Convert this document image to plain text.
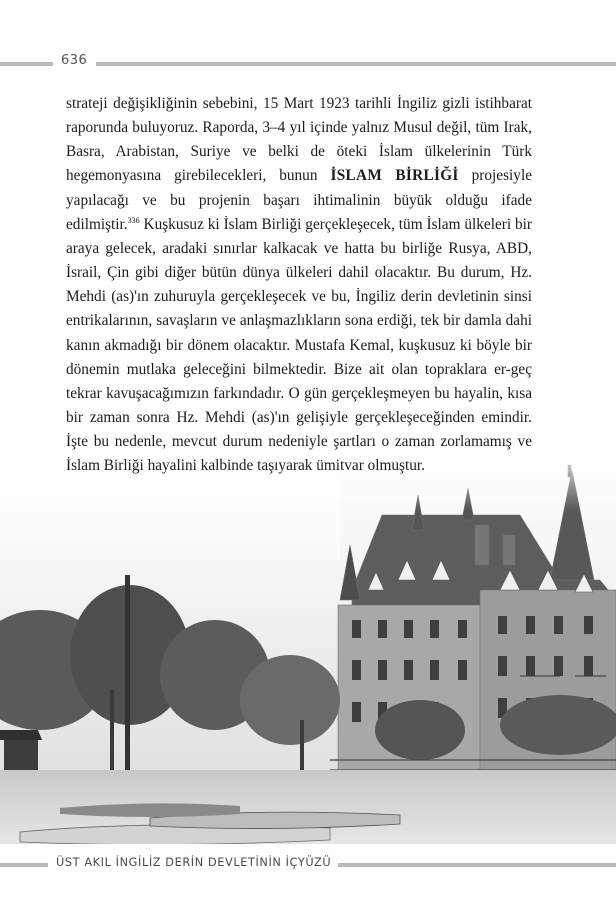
636

strateji değişikliğinin sebebini, 15 Mart 1923 tarihli İngiliz gizli istihbarat raporunda buluyoruz. Raporda, 3–4 yıl içinde yalnız Musul değil, tüm Irak, Basra, Arabistan, Suriye ve belki de öteki İslam ülkelerinin Türk hegemonyasına girebilecekleri, bunun İSLAM BİRLİĞİ projesiyle yapılacağı ve bu projenin başarı ihtimalinin büyük olduğu ifade edilmiştir.$^{336}$ Kuşkusuz ki İslam Birliği gerçekleşecek, tüm İslam ülkeleri bir araya gelecek, aradaki sınırlar kalkacak ve hatta bu birliğe Rusya, ABD, İsrail, Çin gibi diğer bütün dünya ülkeleri dahil olacaktır. Bu durum, Hz. Mehdi (as)'ın zuhuruyla gerçekleşecek ve bu, İngiliz derin devletinin sinsi entrikalarının, savaşların ve anlaşmazlıkların sona erdiği, tek bir damla dahi kanın akmadığı bir dönem olacaktır. Mustafa Kemal, kuşkusuz ki böyle bir dönemin mutlaka geleceğini bilmektedir. Bize ait olan topraklara er-geç tekrar kavuşacağımızın farkındadır. O gün gerçekleşmeyen bu hayalin, kısa bir zaman sonra Hz. Mehdi (as)'ın gelişiyle gerçekleşeceğinden emindir. İşte bu nedenle, mevcut durum nedeniyle şartları o zaman zorlamamış ve İslam Birliği hayalini kalbinde taşıyarak ümitvar olmuştur.

ÜST AKIL İNGİLİZ DERİN DEVLETİNİN İÇYÜZÜ
